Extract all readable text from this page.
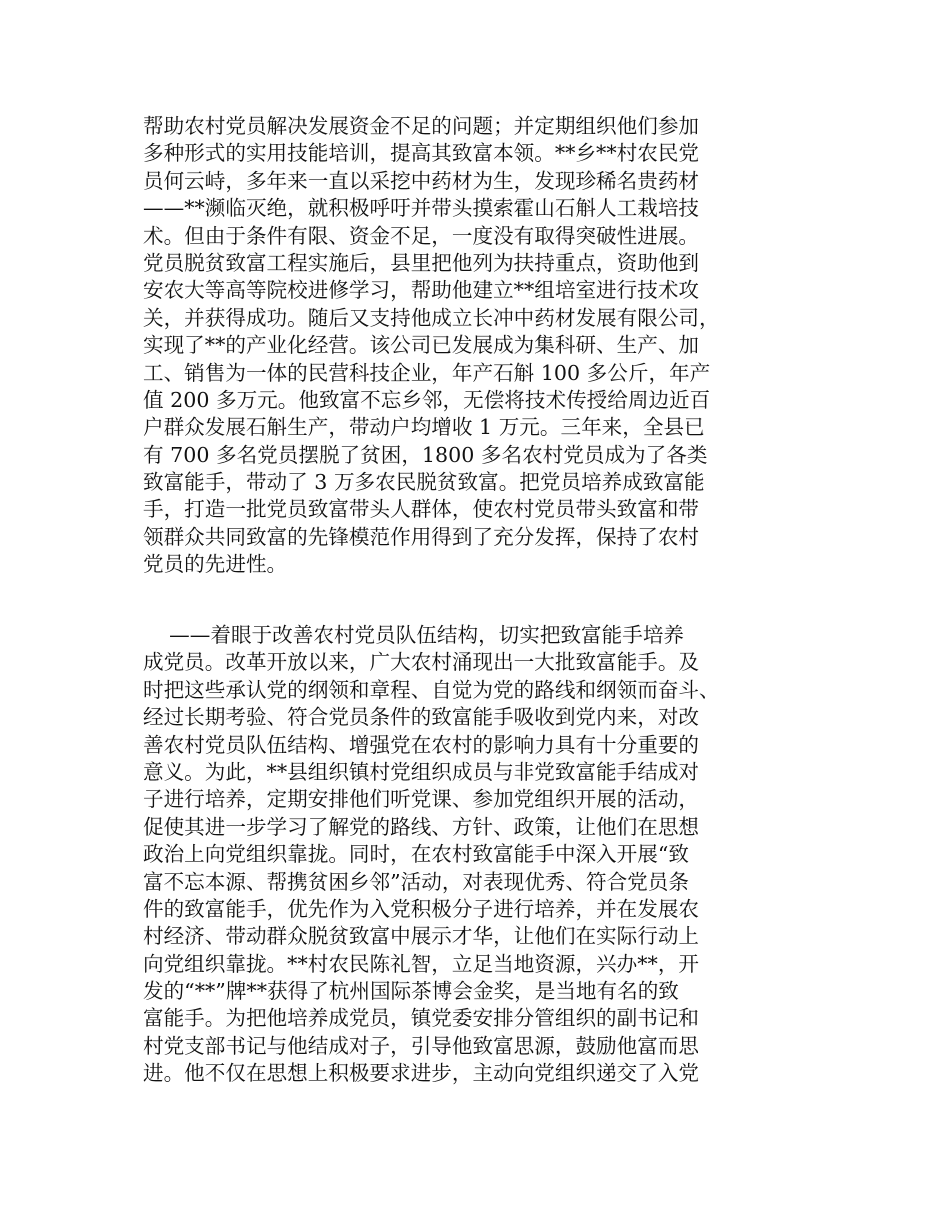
帮助农村党员解决发展资金不足的问题；并定期组织他们参加
多种形式的实用技能培训，提高其致富本领。**乡**村农民党
员何云峙，多年来一直以采挖中药材为生，发现珍稀名贵药材
——**濒临灭绝，就积极呼吁并带头摸索霍山石斛人工栽培技
术。但由于条件有限、资金不足，一度没有取得突破性进展。
党员脱贫致富工程实施后，县里把他列为扶持重点，资助他到
安农大等高等院校进修学习，帮助他建立**组培室进行技术攻
关，并获得成功。随后又支持他成立长冲中药材发展有限公司，
实现了**的产业化经营。该公司已发展成为集科研、生产、加
工、销售为一体的民营科技企业，年产石斛 100 多公斤，年产
值 200 多万元。他致富不忘乡邻，无偿将技术传授给周边近百
户群众发展石斛生产，带动户均增收 1 万元。三年来，全县已
有 700 多名党员摆脱了贫困，1800 多名农村党员成为了各类
致富能手，带动了 3 万多农民脱贫致富。把党员培养成致富能
手，打造一批党员致富带头人群体，使农村党员带头致富和带
领群众共同致富的先锋模范作用得到了充分发挥，保持了农村
党员的先进性。
——着眼于改善农村党员队伍结构，切实把致富能手培养
成党员。改革开放以来，广大农村涌现出一大批致富能手。及
时把这些承认党的纲领和章程、自觉为党的路线和纲领而奋斗、
经过长期考验、符合党员条件的致富能手吸收到党内来，对改
善农村党员队伍结构、增强党在农村的影响力具有十分重要的
意义。为此，**县组织镇村党组织成员与非党致富能手结成对
子进行培养，定期安排他们听党课、参加党组织开展的活动，
促使其进一步学习了解党的路线、方针、政策，让他们在思想
政治上向党组织靠拢。同时，在农村致富能手中深入开展“致
富不忘本源、帮携贫困乡邻”活动，对表现优秀、符合党员条
件的致富能手，优先作为入党积极分子进行培养，并在发展农
村经济、带动群众脱贫致富中展示才华，让他们在实际行动上
向党组织靠拢。**村农民陈礼智，立足当地资源，兴办**，开
发的“**”牌**获得了杭州国际茶博会金奖，是当地有名的致
富能手。为把他培养成党员，镇党委安排分管组织的副书记和
村党支部书记与他结成对子，引导他致富思源，鼓励他富而思
进。他不仅在思想上积极要求进步，主动向党组织递交了入党
